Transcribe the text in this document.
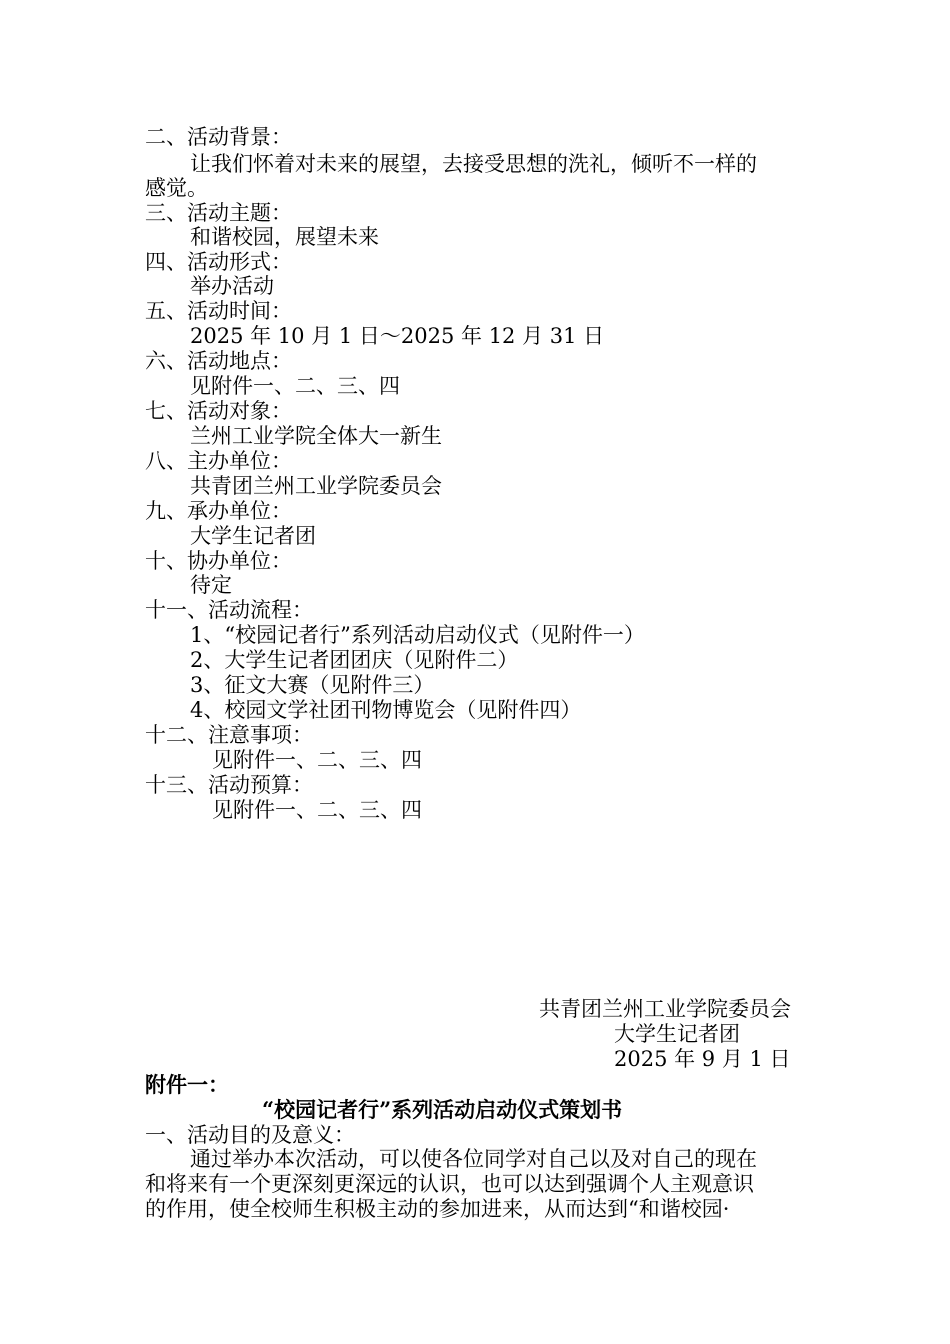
二、活动背景：
让我们怀着对未来的展望，去接受思想的洗礼，倾听不一样的
感觉。
三、活动主题：
和谐校园，展望未来
四、活动形式：
举办活动
五、活动时间：
2025 年 10 月 1 日～2025 年 12 月 31 日
六、活动地点：
见附件一、二、三、四
七、活动对象：
兰州工业学院全体大一新生
八、主办单位：
共青团兰州工业学院委员会
九、承办单位：
大学生记者团
十、协办单位：
待定
十一、活动流程：
1、“校园记者行”系列活动启动仪式（见附件一）
2、大学生记者团团庆（见附件二）
3、征文大赛（见附件三）
4、校园文学社团刊物博览会（见附件四）
十二、注意事项：
见附件一、二、三、四
十三、活动预算：
见附件一、二、三、四
共青团兰州工业学院委员会
大学生记者团
2025 年 9 月 1 日
附件一：
“校园记者行”系列活动启动仪式策划书
一、活动目的及意义：
通过举办本次活动，可以使各位同学对自己以及对自己的现在
和将来有一个更深刻更深远的认识，也可以达到强调个人主观意识
的作用，使全校师生积极主动的参加进来，从而达到“和谐校园·
